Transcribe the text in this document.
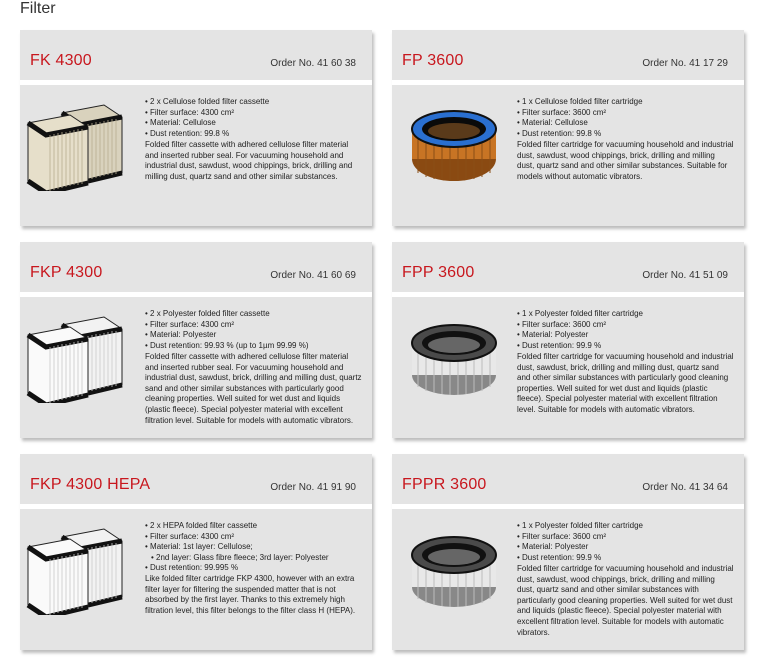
Filter
FK 4300	Order No. 41 60 38
• 2 x Cellulose folded filter cassette
• Filter surface: 4300 cm²
• Material: Cellulose
• Dust retention: 99.8 %

Folded filter cassette with adhered cellulose filter material and inserted rubber seal. For vacuuming household and industrial dust, sawdust, wood chippings, brick, drilling and milling dust, quartz sand and other similar substances.

FP 3600	Order No. 41 17 29
• 1 x Cellulose folded filter cartridge
• Filter surface: 3600 cm²
• Material: Cellulose
• Dust retention: 99.8 %

Folded filter cartridge for vacuuming household and industrial dust, sawdust, wood chippings, brick, drilling and milling dust, quartz sand and other similar substances. Suitable for models without automatic vibrators.

FKP 4300	Order No. 41 60 69
• 2 x Polyester folded filter cassette
• Filter surface: 4300 cm²
• Material: Polyester
• Dust retention: 99.93 % (up to 1µm 99.99 %)

Folded filter cassette with adhered cellulose filter material and inserted rubber seal. For vacuuming household and industrial dust, sawdust, brick, drilling and milling dust, quartz sand and other similar substances with particularly good cleaning properties. Well suited for wet dust and liquids (plastic fleece). Special polyester material with excellent filtration level. Suitable for models with automatic vibrators.

FPP 3600	Order No. 41 51 09
• 1 x Polyester folded filter cartridge
• Filter surface: 3600 cm²
• Material: Polyester
• Dust retention: 99.9 %

Folded filter cartridge for vacuuming household and industrial dust, sawdust, brick, drilling and milling dust, quartz sand and other similar substances with particularly good cleaning properties. Well suited for wet dust and liquids (plastic fleece). Special polyester material with excellent filtration level. Suitable for models with automatic vibrators.

FKP 4300 HEPA	Order No. 41 91 90
• 2 x HEPA folded filter cassette
• Filter surface: 4300 cm²
• Material: 1st layer: Cellulose;
• 2nd layer: Glass fibre fleece; 3rd layer: Polyester
• Dust retention: 99.995 %

Like folded filter cartridge FKP 4300, however with an extra filter layer for filtering the suspended matter that is not absorbed by the first layer. Thanks to this extremely high filtration level, this filter belongs to the filter class H (HEPA).

FPPR 3600	Order No. 41 34 64
• 1 x Polyester folded filter cartridge
• Filter surface: 3600 cm²
• Material: Polyester
• Dust retention: 99.9 %

Folded filter cartridge for vacuuming household and industrial dust, sawdust, wood chippings, brick, drilling and milling dust, quartz sand and other similar substances with particularly good cleaning properties. Well suited for wet dust and liquids (plastic fleece). Special polyester material with excellent filtration level. Suitable for models with automatic vibrators.
